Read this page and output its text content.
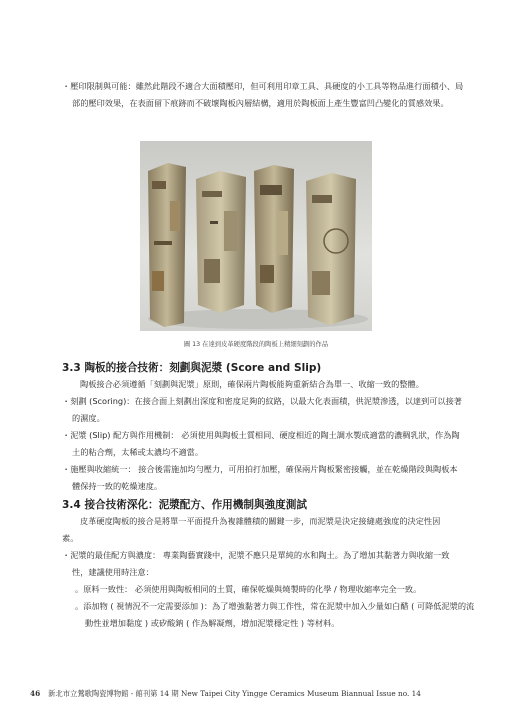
・壓印限制與可能：雖然此階段不適合大面積壓印，但可利用印章工具、具硬度的小工具等物品進行面積小、局部的壓印效果，在表面留下痕跡而不破壞陶板內層結構，適用於陶板面上產生豐富凹凸變化的質感效果。
圖 13 在達到皮革硬度階段的陶板上精細刻劃的作品
3.3 陶板的接合技術：刻劃與泥漿 (Score and Slip)
陶板接合必須遵循「刻劃與泥漿」原則，確保兩片陶板能夠重新結合為單一、收縮一致的整體。
・刻劃 (Scoring)：在接合面上刻劃出深度和密度足夠的紋路，以最大化表面積，供泥漿滲透，以達到可以接著的濕度。
・泥漿 (Slip) 配方與作用機制： 必須使用與陶板土質相同、硬度相近的陶土調水製成適當的濃稠乳狀，作為陶土的粘合劑，太稀或太濃均不適當。
・施壓與收縮統一： 接合後需施加均勻壓力，可用拍打加壓，確保兩片陶板緊密接觸，並在乾燥階段與陶板本體保持一致的乾燥速度。
3.4 接合技術深化：泥漿配方、作用機制與強度測試
皮革硬度陶板的接合是將單一平面提升為複雜體積的關鍵一步，而泥漿是決定接縫處強度的決定性因素。
・泥漿的最佳配方與濃度： 專業陶藝實踐中，泥漿不應只是單純的水和陶土。為了增加其黏著力與收縮一致性，建議使用時注意：
。原料一致性： 必須使用與陶板相同的土質，確保乾燥與燒製時的化學 / 物理收縮率完全一致。
。添加物 ( 視情況不一定需要添加 )：為了增強黏著力與工作性，常在泥漿中加入少量如白醋 ( 可降低泥漿的流動性並增加黏度 ) 或矽酸鈉 ( 作為解凝劑，增加泥漿穩定性 ) 等材料。
46 新北市立鶯歌陶瓷博物館 - 館刊第 14 期 New Taipei City Yingge Ceramics Museum Biannual Issue no. 14
